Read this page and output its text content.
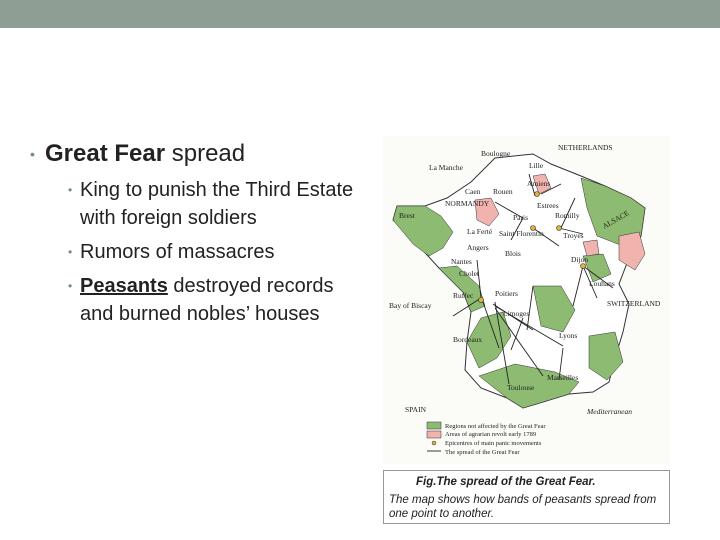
• Great Fear spread

• King to punish the Third Estate with foreign soldiers
• Rumors of massacres
• Peasants destroyed records and burned nobles’ houses
NETHERLANDS
Boulogne
Lille
La Manche
Amiens
Caen Rouen
NORMANDY	Estrees
Brest	Paris	Romilly	ALSACE
La Ferté Saint Florentin	Troyes
Angers
Blois
Nantes
Cholet
Dijon
Louhans
Bay of Biscay
Ruffec	Poitiers
SWITZERLAND
Limoges
Lyons
Bordeaux
Marseilles
Toulouse
SPAIN	Mediterranean
Regions not affected by the Great Fear
Areas of agrarian revolt early 1789
Epicentres of main panic movements
The spread of the Great Fear
Fig.The spread of the Great Fear.
The map shows how bands of peasants spread from one point to another.
